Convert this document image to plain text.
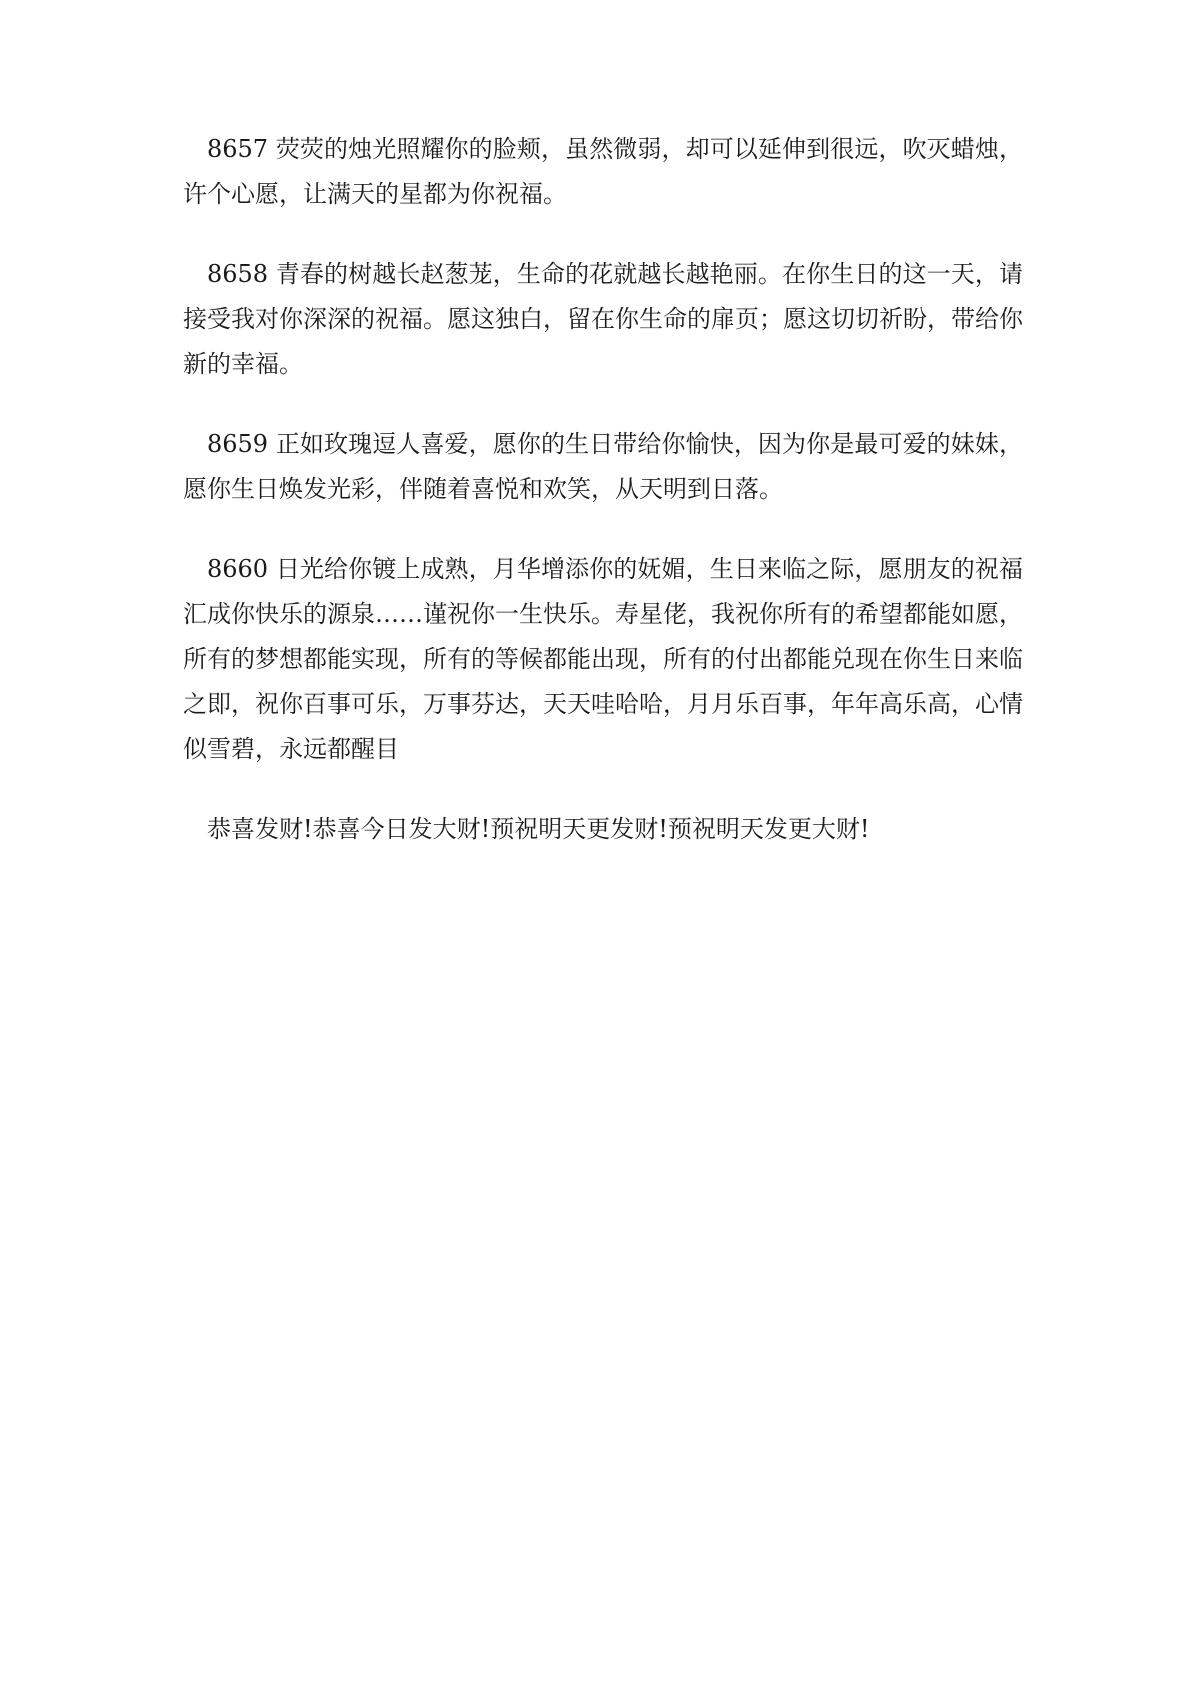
8657 荧荧的烛光照耀你的脸颊，虽然微弱，却可以延伸到很远，吹灭蜡烛，许个心愿，让满天的星都为你祝福。

8658 青春的树越长赵葱茏，生命的花就越长越艳丽。在你生日的这一天，请接受我对你深深的祝福。愿这独白，留在你生命的扉页；愿这切切祈盼，带给你新的幸福。

8659 正如玫瑰逗人喜爱，愿你的生日带给你愉快，因为你是最可爱的妹妹，愿你生日焕发光彩，伴随着喜悦和欢笑，从天明到日落。

8660 日光给你镀上成熟，月华增添你的妩媚，生日来临之际，愿朋友的祝福汇成你快乐的源泉……谨祝你一生快乐。寿星佬，我祝你所有的希望都能如愿，所有的梦想都能实现，所有的等候都能出现，所有的付出都能兑现在你生日来临之即，祝你百事可乐，万事芬达，天天哇哈哈，月月乐百事，年年高乐高，心情似雪碧，永远都醒目

恭喜发财!恭喜今日发大财!预祝明天更发财!预祝明天发更大财!
